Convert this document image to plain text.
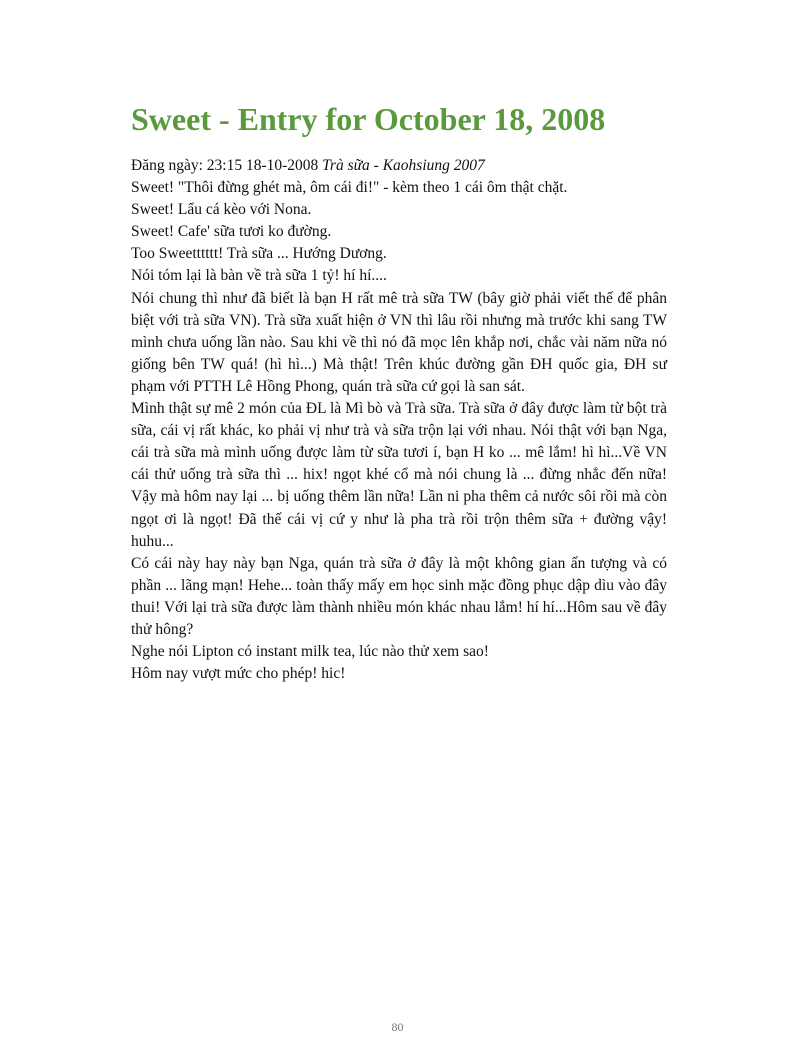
Sweet - Entry for October 18, 2008

Đăng ngày: 23:15 18-10-2008 Trà sữa - Kaohsiung 2007

Sweet! "Thôi đừng ghét mà, ôm cái đi!" - kèm theo 1 cái ôm thật chặt.

Sweet! Lẩu cá kèo với Nona.

Sweet! Cafe' sữa tươi ko đường.

Too Sweetttttt! Trà sữa ... Hướng Dương.

Nói tóm lại là bàn về trà sữa 1 tỷ! hí hí....

Nói chung thì như đã biết là bạn H rất mê trà sữa TW (bây giờ phải viết thế để phân biệt với trà sữa VN). Trà sữa xuất hiện ở VN thì lâu rồi nhưng mà trước khi sang TW mình chưa uống lần nào. Sau khi về thì nó đã mọc lên khắp nơi, chắc vài năm nữa nó giống bên TW quá! (hì hì...) Mà thật! Trên khúc đường gần ĐH quốc gia, ĐH sư phạm với PTTH Lê Hồng Phong, quán trà sữa cứ gọi là san sát.

Mình thật sự mê 2 món của ĐL là Mì bò và Trà sữa. Trà sữa ở đây được làm từ bột trà sữa, cái vị rất khác, ko phải vị như trà và sữa trộn lại với nhau. Nói thật với bạn Nga, cái trà sữa mà mình uống được làm từ sữa tươi í, bạn H ko ... mê lắm! hì hì...Về VN cái thử uống trà sữa thì ... hix! ngọt khé cổ mà nói chung là ... đừng nhắc đến nữa! Vậy mà hôm nay lại ... bị uống thêm lần nữa! Lần ni pha thêm cả nước sôi rồi mà còn ngọt ơi là ngọt! Đã thế cái vị cứ y như là pha trà rồi trộn thêm sữa + đường vậy! huhu...

Có cái này hay này bạn Nga, quán trà sữa ở đây là một không gian ấn tượng và có phần ... lãng mạn! Hehe... toàn thấy mấy em học sinh mặc đồng phục dập dìu vào đây thui! Với lại trà sữa được làm thành nhiều món khác nhau lắm! hí hí...Hôm sau về đây thử hông?

Nghe nói Lipton có instant milk tea, lúc nào thử xem sao!

Hôm nay vượt mức cho phép! hic!

80
